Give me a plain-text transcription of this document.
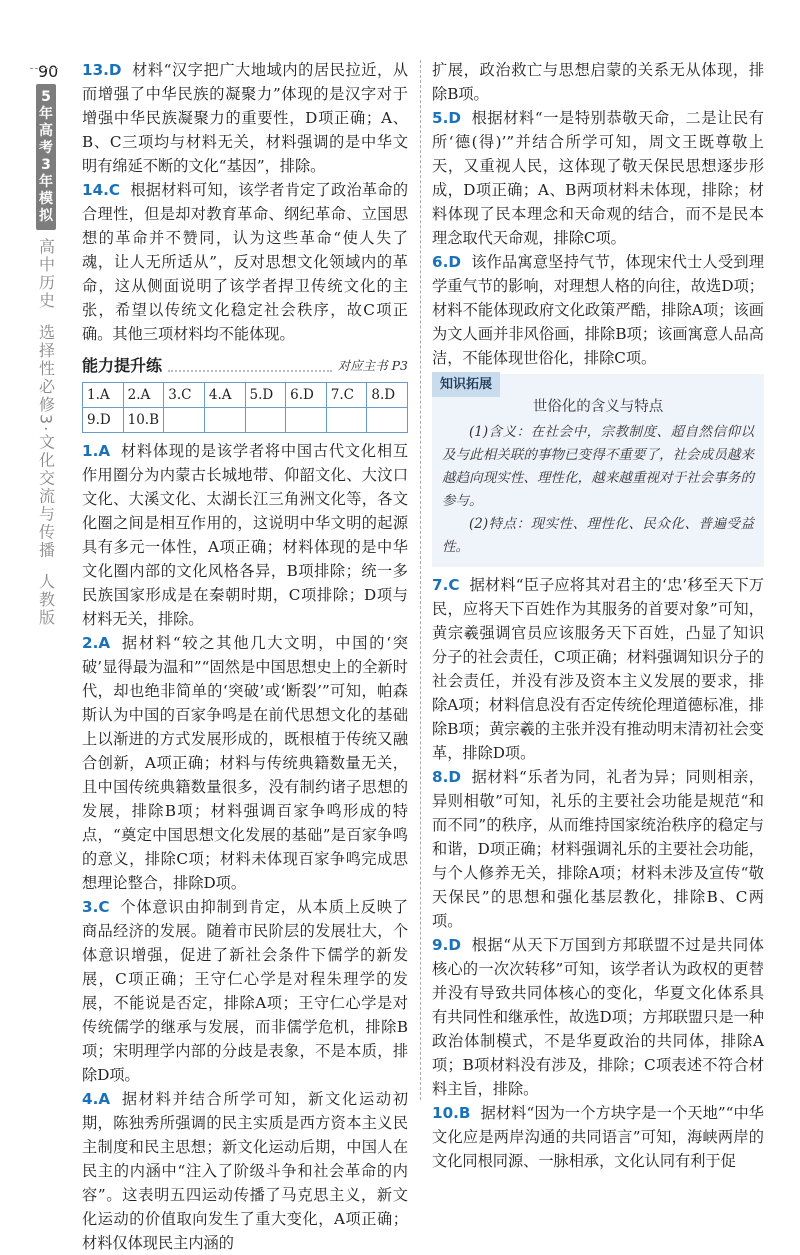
90
5年高考3年模拟
高中历史
选择性必修3·文化交流与传播
人教版

13.D 材料“汉字把广大地域内的居民拉近，从而增强了中华民族的凝聚力”体现的是汉字对于增强中华民族凝聚力的重要性，D项正确；A、B、C三项均与材料无关，材料强调的是中华文明有绵延不断的文化“基因”，排除。

14.C 根据材料可知，该学者肯定了政治革命的合理性，但是却对教育革命、纲纪革命、立国思想的革命并不赞同，认为这些革命“使人失了魂，让人无所适从”，反对思想文化领域内的革命，这从侧面说明了该学者捍卫传统文化的主张，希望以传统文化稳定社会秩序，故C项正确。其他三项材料均不能体现。

能力提升练	对应主书 P3
1.A	2.A	3.C	4.A	5.D	6.D	7.C	8.D
9.D	10.B						

1.A 材料体现的是该学者将中国古代文化相互作用圈分为内蒙古长城地带、仰韶文化、大汶口文化、大溪文化、太湖长江三角洲文化等，各文化圈之间是相互作用的，这说明中华文明的起源具有多元一体性，A项正确；材料体现的是中华文化圈内部的文化风格各异，B项排除；统一多民族国家形成是在秦朝时期，C项排除；D项与材料无关，排除。

2.A 据材料“较之其他几大文明，中国的‘突破’显得最为温和”“固然是中国思想史上的全新时代，却也绝非简单的‘突破’或‘断裂’”可知，帕森斯认为中国的百家争鸣是在前代思想文化的基础上以渐进的方式发展形成的，既根植于传统又融合创新，A项正确；材料与传统典籍数量无关，且中国传统典籍数量很多，没有制约诸子思想的发展，排除B项；材料强调百家争鸣形成的特点，“奠定中国思想文化发展的基础”是百家争鸣的意义，排除C项；材料未体现百家争鸣完成思想理论整合，排除D项。

3.C 个体意识由抑制到肯定，从本质上反映了商品经济的发展。随着市民阶层的发展壮大，个体意识增强，促进了新社会条件下儒学的新发展，C项正确；王守仁心学是对程朱理学的发展，不能说是否定，排除A项；王守仁心学是对传统儒学的继承与发展，而非儒学危机，排除B项；宋明理学内部的分歧是表象，不是本质，排除D项。

4.A 据材料并结合所学可知，新文化运动初期，陈独秀所强调的民主实质是西方资本主义民主制度和民主思想；新文化运动后期，中国人在民主的内涵中“注入了阶级斗争和社会革命的内容”。这表明五四运动传播了马克思主义，新文化运动的价值取向发生了重大变化，A项正确；材料仅体现民主内涵的

扩展，政治救亡与思想启蒙的关系无从体现，排除B项。

5.D 根据材料“一是特别恭敬天命，二是让民有所‘德(得)’”并结合所学可知，周文王既尊敬上天，又重视人民，这体现了敬天保民思想逐步形成，D项正确；A、B两项材料未体现，排除；材料体现了民本理念和天命观的结合，而不是民本理念取代天命观，排除C项。

6.D 该作品寓意坚持气节，体现宋代士人受到理学重气节的影响，对理想人格的向往，故选D项；材料不能体现政府文化政策严酷，排除A项；该画为文人画并非风俗画，排除B项；该画寓意人品高洁，不能体现世俗化，排除C项。

知识拓展
世俗化的含义与特点

(1)含义：在社会中，宗教制度、超自然信仰以及与此相关联的事物已变得不重要了，社会成员越来越趋向现实性、理性化，越来越重视对于社会事务的参与。

(2)特点：现实性、理性化、民众化、普遍受益性。

7.C 据材料“臣子应将其对君主的‘忠’移至天下万民，应将天下百姓作为其服务的首要对象”可知，黄宗羲强调官员应该服务天下百姓，凸显了知识分子的社会责任，C项正确；材料强调知识分子的社会责任，并没有涉及资本主义发展的要求，排除A项；材料信息没有否定传统伦理道德标准，排除B项；黄宗羲的主张并没有推动明末清初社会变革，排除D项。

8.D 据材料“乐者为同，礼者为异；同则相亲，异则相敬”可知，礼乐的主要社会功能是规范“和而不同”的秩序，从而维持国家统治秩序的稳定与和谐，D项正确；材料强调礼乐的主要社会功能，与个人修养无关，排除A项；材料未涉及宣传“敬天保民”的思想和强化基层教化，排除B、C两项。

9.D 根据“从天下万国到方邦联盟不过是共同体核心的一次次转移”可知，该学者认为政权的更替并没有导致共同体核心的变化，华夏文化体系具有共同性和继承性，故选D项；方邦联盟只是一种政治体制模式，不是华夏政治的共同体，排除A项；B项材料没有涉及，排除；C项表述不符合材料主旨，排除。

10.B 据材料“因为一个方块字是一个天地”“中华文化应是两岸沟通的共同语言”可知，海峡两岸的文化同根同源、一脉相承，文化认同有利于促
